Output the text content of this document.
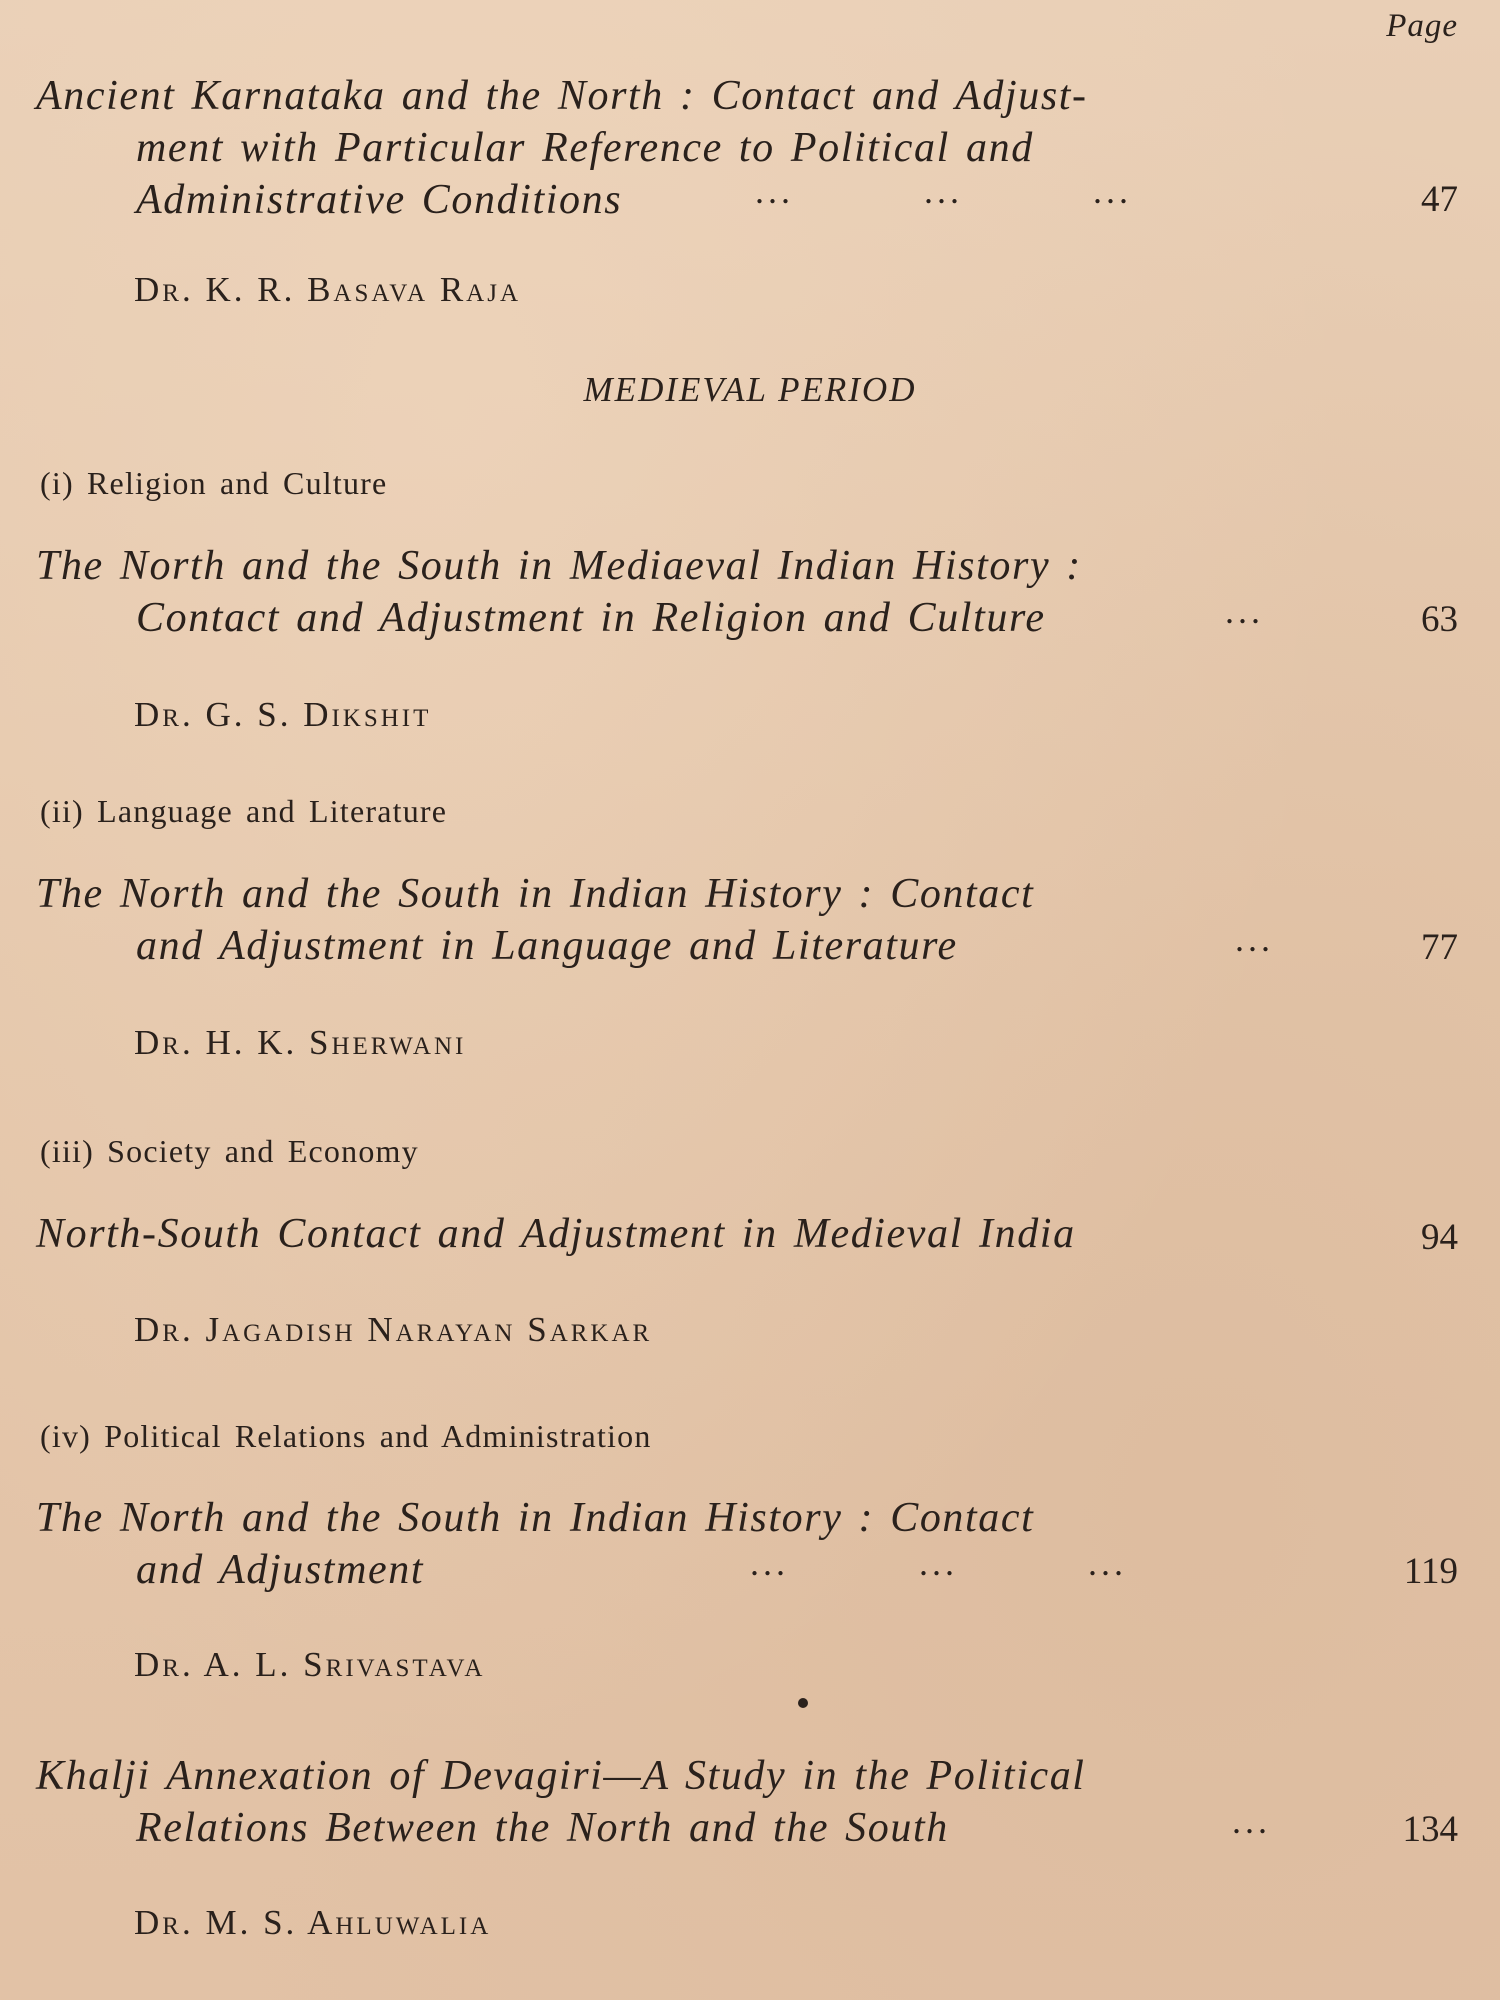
Page
Ancient Karnataka and the North : Contact and Adjust-
ment with Particular Reference to Political and
Administrative Conditions	...          ...          ...	47
Dr. K. R. Basava Raja
MEDIEVAL PERIOD
(i) Religion and Culture
The North and the South in Mediaeval Indian History :
Contact and Adjustment in Religion and Culture	...	63
Dr. G. S. Dikshit
(ii) Language and Literature
The North and the South in Indian History : Contact
and Adjustment in Language and Literature	...	77
Dr. H. K. Sherwani
(iii) Society and Economy
North-South Contact and Adjustment in Medieval India	94
Dr. Jagadish Narayan Sarkar
(iv) Political Relations and Administration
The North and the South in Indian History : Contact
and Adjustment	...          ...          ...	119
Dr. A. L. Srivastava
Khalji Annexation of Devagiri—A Study in the Political
Relations Between the North and the South	...	134
Dr. M. S. Ahluwalia
